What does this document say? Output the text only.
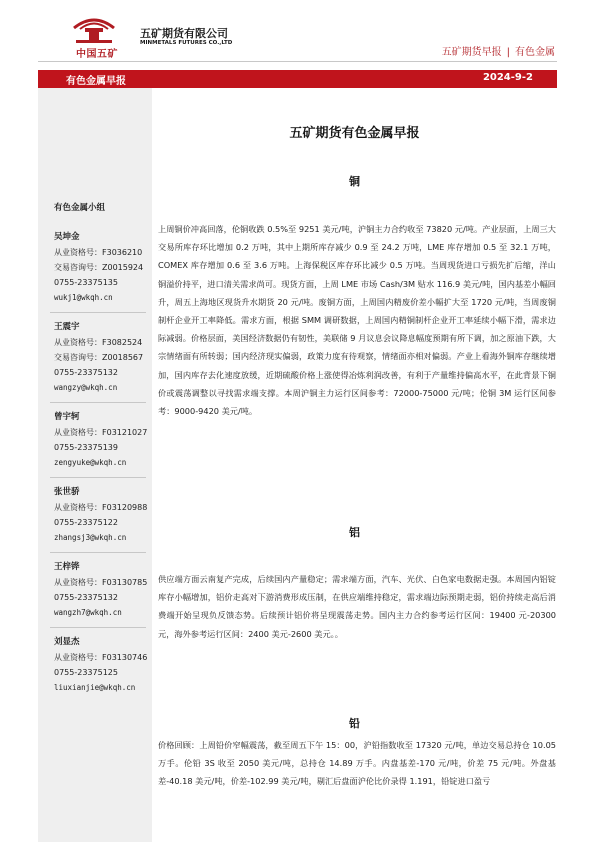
中国五矿
五矿期货有限公司
MINMETALS FUTURES CO.,LTD
五矿期货早报 | 有色金属
有色金属早报	2024-9-2
有色金属小组
吴坤金
从业资格号：F3036210
交易咨询号：Z0015924
0755-23375135
wukj1@wkqh.cn
王震宇
从业资格号：F3082524
交易咨询号：Z0018567
0755-23375132
wangzy@wkqh.cn
曾宇轲
从业资格号：F03121027
0755-23375139
zengyuke@wkqh.cn
张世骄
从业资格号：F03120988
0755-23375122
zhangsj3@wkqh.cn
王梓铧
从业资格号：F03130785
0755-23375132
wangzh7@wkqh.cn
刘显杰
从业资格号：F03130746
0755-23375125
liuxianjie@wkqh.cn
五矿期货有色金属早报
铜

上周铜价冲高回落，伦铜收跌 0.5%至 9251 美元/吨，沪铜主力合约收至 73820 元/吨。产业层面，上周三大交易所库存环比增加 0.2 万吨，其中上期所库存减少 0.9 至 24.2 万吨，LME 库存增加 0.5 至 32.1 万吨，COMEX 库存增加 0.6 至 3.6 万吨。上海保税区库存环比减少 0.5 万吨。当周现货进口亏损先扩后缩，洋山铜溢价持平，进口清关需求尚可。现货方面，上周 LME 市场 Cash/3M 贴水 116.9 美元/吨，国内基差小幅回升，周五上海地区现货升水期货 20 元/吨。废铜方面，上周国内精废价差小幅扩大至 1720 元/吨，当周废铜制杆企业开工率降低。需求方面，根据 SMM 调研数据，上周国内精铜制杆企业开工率延续小幅下滑，需求边际减弱。价格层面，美国经济数据仍有韧性，美联储 9 月议息会议降息幅度预期有所下调，加之原油下跌，大宗情绪面有所转弱；国内经济现实偏弱，政策力度有待观察，情绪面亦相对偏弱。产业上看海外铜库存继续增加，国内库存去化速度放缓，近期硫酸价格上涨使得冶炼利润改善，有利于产量维持偏高水平，在此背景下铜价或震荡调整以寻找需求端支撑。本周沪铜主力运行区间参考：72000-75000 元/吨；伦铜 3M 运行区间参考：9000-9420 美元/吨。

铝

供应端方面云南复产完成，后续国内产量稳定；需求端方面，汽车、光伏、白色家电数据走强。本周国内铝锭库存小幅增加，铝价走高对下游消费形成压制，在供应端维持稳定，需求端边际预期走弱，铝价持续走高后消费端开始呈现负反馈态势。后续预计铝价将呈现震荡走势。国内主力合约参考运行区间：19400 元-20300 元，海外参考运行区间：2400 美元-2600 美元。。

铅

价格回顾：上周铅价窄幅震荡，截至周五下午 15：00，沪铅指数收至 17320 元/吨，单边交易总持仓 10.05 万手。伦铅 3S 收至 2050 美元/吨，总持仓 14.89 万手。内盘基差-170 元/吨，价差 75 元/吨。外盘基差-40.18 美元/吨，价差-102.99 美元/吨，剔汇后盘面沪伦比价录得 1.191，铅锭进口盈亏
